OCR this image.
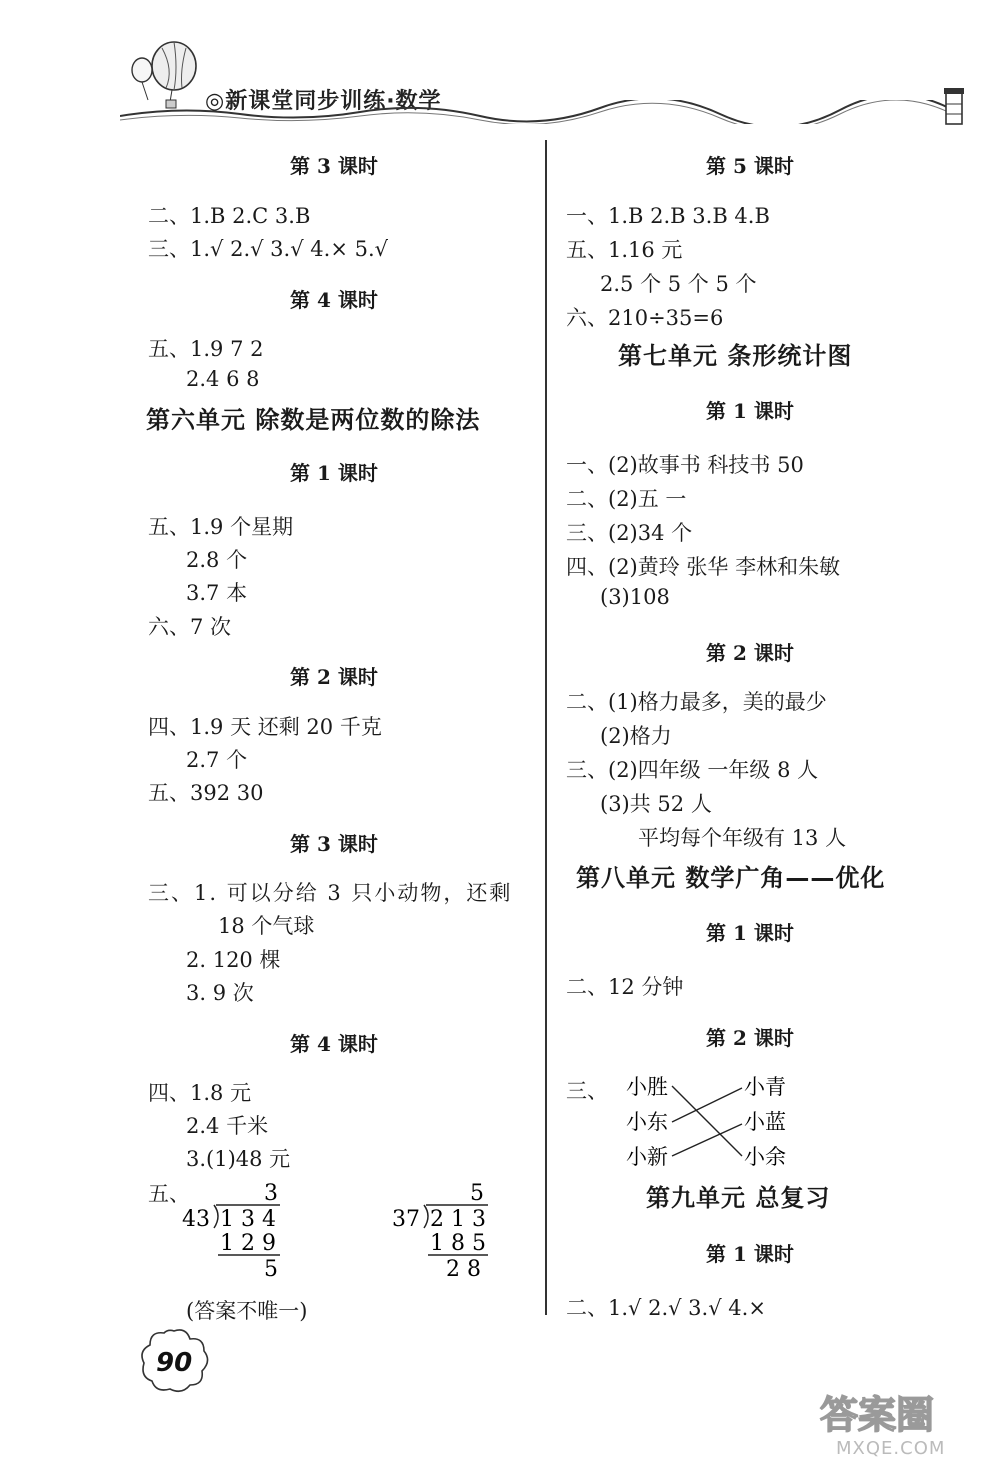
◎新课堂同步训练·数学
第 3 课时
二、1.B 2.C 3.B
三、1.√ 2.√ 3.√ 4.× 5.√
第 4 课时
五、1.9 7 2
2.4 6 8
第六单元 除数是两位数的除法
第 1 课时
五、1.9 个星期
2.8 个
3.7 本
六、7 次
第 2 课时
四、1.9 天 还剩 20 千克
2.7 个
五、392 30
第 3 课时
三、1. 可以分给 3 只小动物，还剩
18 个气球
2. 120 棵
3. 9 次
第 4 课时
四、1.8 元
2.4 千米
3.(1)48 元
五、	3
43 1 3 4
1 2 9
5
5
37 2 1 3
1 8 5
2 8
(答案不唯一)
第 5 课时
一、1.B 2.B 3.B 4.B
五、1.16 元
2.5 个 5 个 5 个
六、210÷35=6
第七单元 条形统计图
第 1 课时
一、(2)故事书 科技书 50
二、(2)五 一
三、(2)34 个
四、(2)黄玲 张华 李林和朱敏
(3)108
第 2 课时
二、(1)格力最多，美的最少
(2)格力
三、(2)四年级 一年级 8 人
(3)共 52 人
平均每个年级有 13 人
第八单元 数学广角——优化
第 1 课时
二、12 分钟
第 2 课时
三、 小胜
小东
小新
小青
小蓝
小余
第九单元 总复习
第 1 课时
二、1.√ 2.√ 3.√ 4.×
90
答案圈
MXQE.COM
